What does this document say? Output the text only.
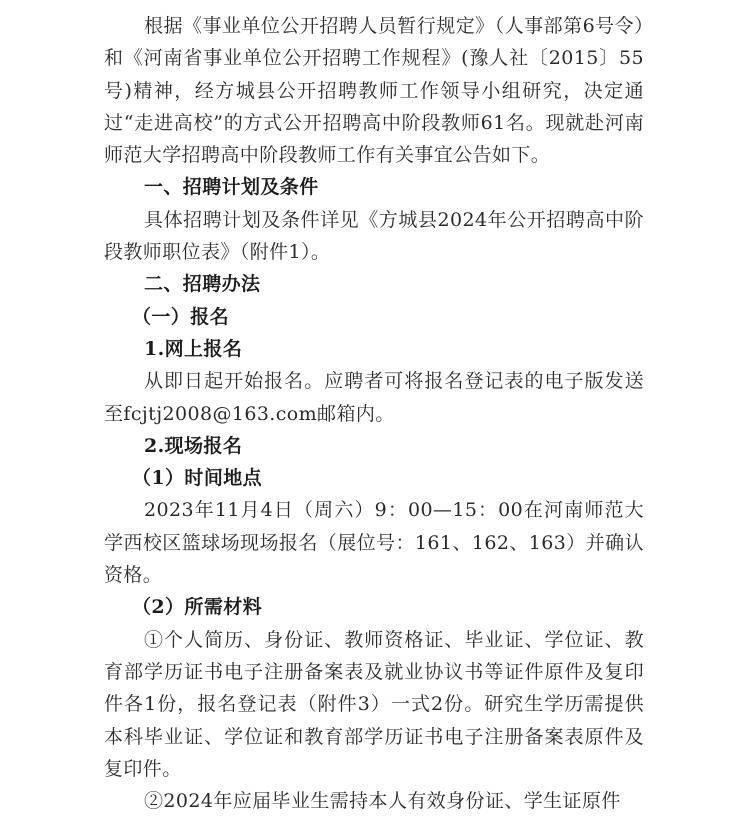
根据《事业单位公开招聘人员暂行规定》（人事部第6号令）和《河南省事业单位公开招聘工作规程》(豫人社〔2015〕55号)精神，经方城县公开招聘教师工作领导小组研究，决定通过“走进高校”的方式公开招聘高中阶段教师61名。现就赴河南师范大学招聘高中阶段教师工作有关事宜公告如下。

一、招聘计划及条件

具体招聘计划及条件详见《方城县2024年公开招聘高中阶段教师职位表》（附件1）。

二、招聘办法

（一）报名

1.网上报名

从即日起开始报名。应聘者可将报名登记表的电子版发送至fcjtj2008@163.com邮箱内。

2.现场报名

（1）时间地点

2023年11月4日（周六）9：00—15：00在河南师范大学西校区篮球场现场报名（展位号：161、162、163）并确认资格。

（2）所需材料

①个人简历、身份证、教师资格证、毕业证、学位证、教育部学历证书电子注册备案表及就业协议书等证件原件及复印件各1份，报名登记表（附件3）一式2份。研究生学历需提供本科毕业证、学位证和教育部学历证书电子注册备案表原件及复印件。

②2024年应届毕业生需持本人有效身份证、学生证原件
